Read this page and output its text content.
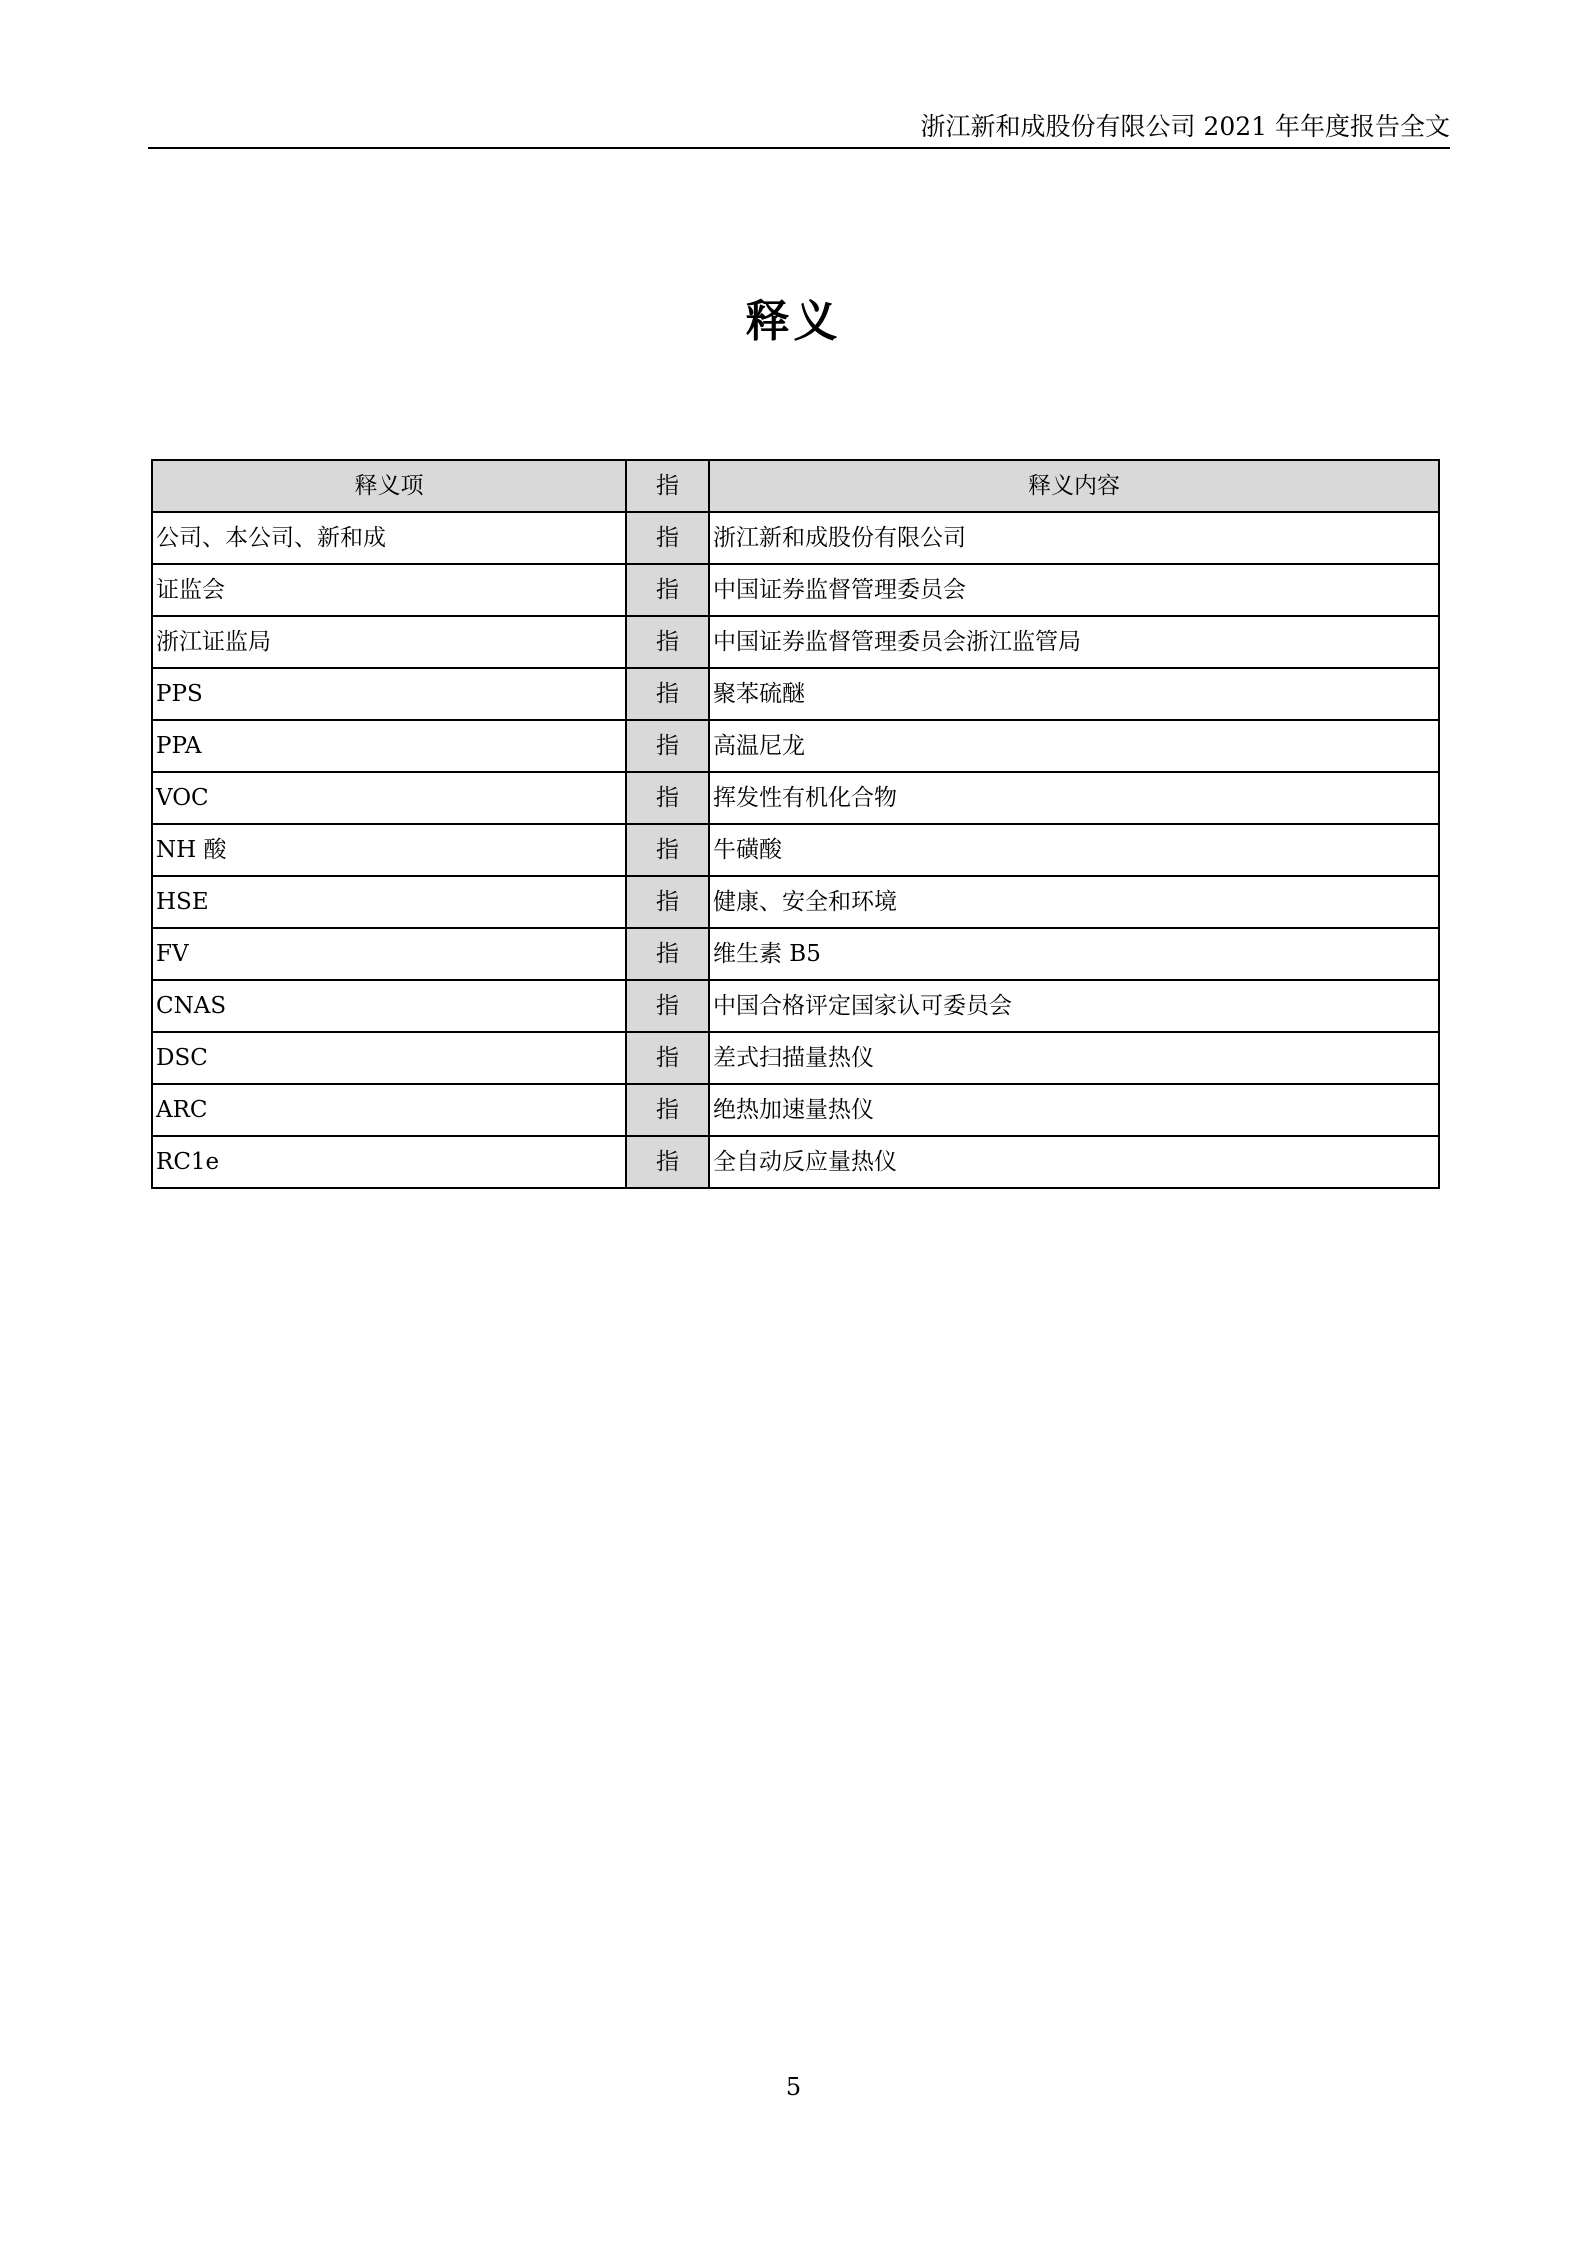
浙江新和成股份有限公司 2021 年年度报告全文
释义
释义项	指	释义内容
公司、本公司、新和成	指	浙江新和成股份有限公司
证监会	指	中国证券监督管理委员会
浙江证监局	指	中国证券监督管理委员会浙江监管局
PPS	指	聚苯硫醚
PPA	指	高温尼龙
VOC	指	挥发性有机化合物
NH 酸	指	牛磺酸
HSE	指	健康、安全和环境
FV	指	维生素 B5
CNAS	指	中国合格评定国家认可委员会
DSC	指	差式扫描量热仪
ARC	指	绝热加速量热仪
RC1e	指	全自动反应量热仪
5
